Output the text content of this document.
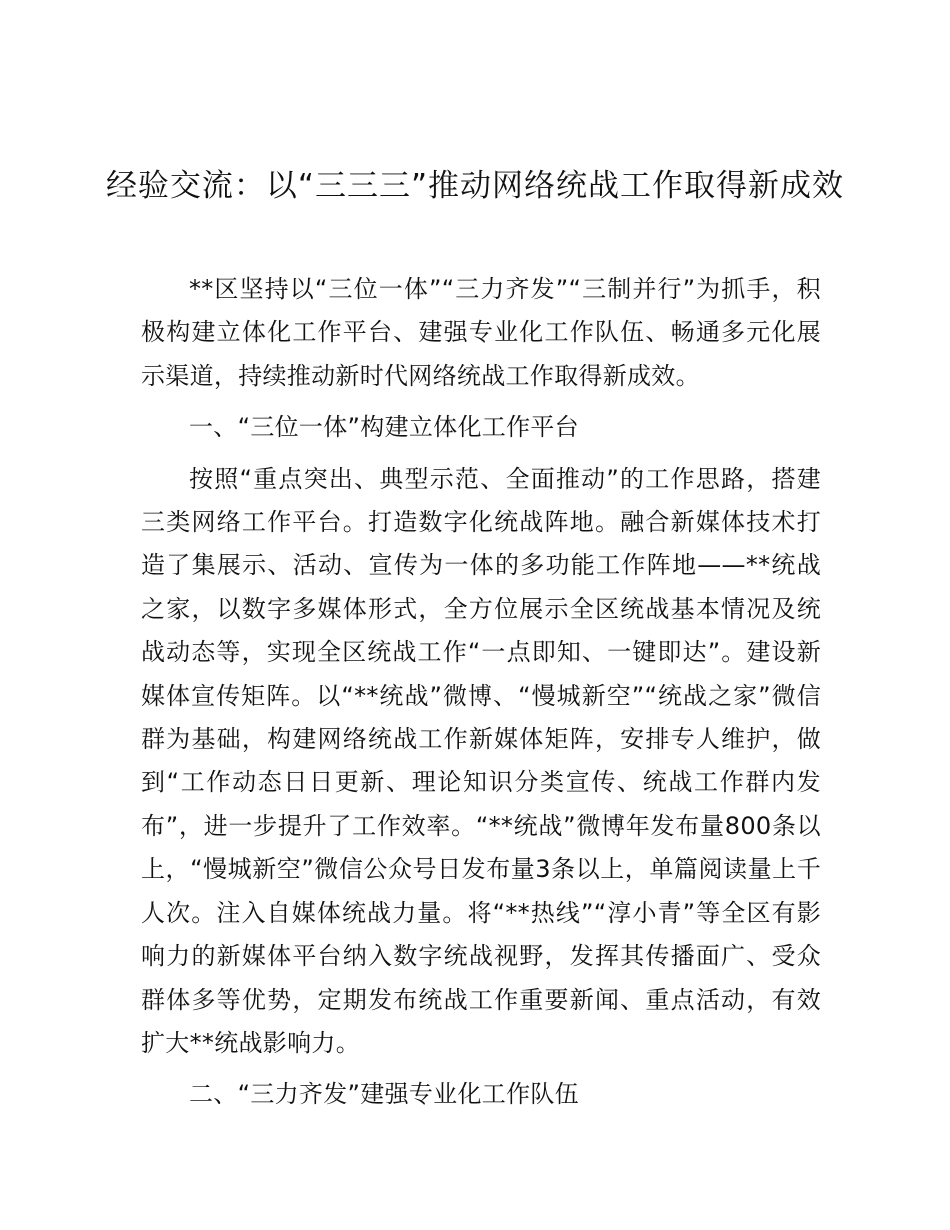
经验交流：以“三三三”推动网络统战工作取得新成效

**区坚持以“三位一体”“三力齐发”“三制并行”为抓手，积极构建立体化工作平台、建强专业化工作队伍、畅通多元化展示渠道，持续推动新时代网络统战工作取得新成效。

一、“三位一体”构建立体化工作平台

按照“重点突出、典型示范、全面推动”的工作思路，搭建三类网络工作平台。打造数字化统战阵地。融合新媒体技术打造了集展示、活动、宣传为一体的多功能工作阵地——**统战之家，以数字多媒体形式，全方位展示全区统战基本情况及统战动态等，实现全区统战工作“一点即知、一键即达”。建设新媒体宣传矩阵。以“**统战”微博、“慢城新空”“统战之家”微信群为基础，构建网络统战工作新媒体矩阵，安排专人维护，做到“工作动态日日更新、理论知识分类宣传、统战工作群内发布”，进一步提升了工作效率。“**统战”微博年发布量800条以上，“慢城新空”微信公众号日发布量3条以上，单篇阅读量上千人次。注入自媒体统战力量。将“**热线”“淳小青”等全区有影响力的新媒体平台纳入数字统战视野，发挥其传播面广、受众群体多等优势，定期发布统战工作重要新闻、重点活动，有效扩大**统战影响力。

二、“三力齐发”建强专业化工作队伍
